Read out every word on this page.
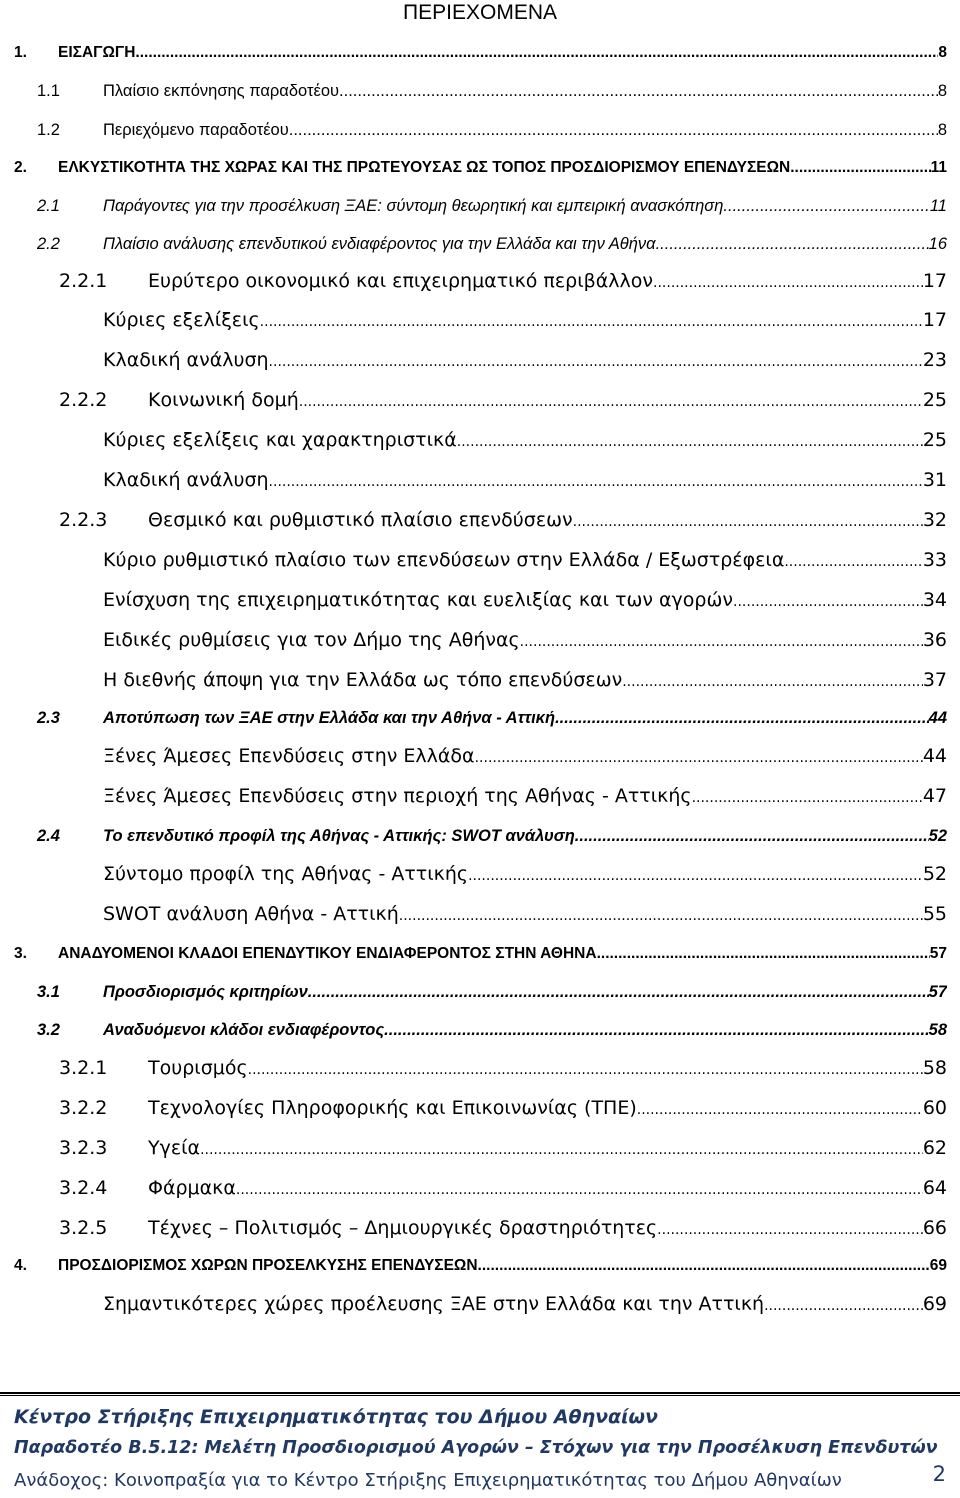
ΠΕΡΙΕΧΟΜΕΝΑ
1. ΕΙΣΑΓΩΓΗ .....	8
1.1	Πλαίσιο εκπόνησης παραδοτέου .....	8
1.2	Περιεχόμενο παραδοτέου .....	8
2. ΕΛΚΥΣΤΙΚΟΤΗΤΑ ΤΗΣ ΧΩΡΑΣ ΚΑΙ ΤΗΣ ΠΡΩΤΕΥΟΥΣΑΣ ΩΣ ΤΟΠΟΣ ΠΡΟΣΔΙΟΡΙΣΜΟΥ ΕΠΕΝΔΥΣΕΩΝ .....	11
2.1	Παράγοντες για την προσέλκυση ΞΑΕ: σύντομη θεωρητική και εμπειρική ανασκόπηση .....	11
2.2	Πλαίσιο ανάλυσης επενδυτικού ενδιαφέροντος για την Ελλάδα και την Αθήνα .....	16
2.2.1 Ευρύτερο οικονομικό και επιχειρηματικό περιβάλλον .....	17
Κύριες εξελίξεις .....	17
Κλαδική ανάλυση .....	23
2.2.2 Κοινωνική δομή .....	25
Κύριες εξελίξεις και χαρακτηριστικά .....	25
Κλαδική ανάλυση .....	31
2.2.3 Θεσμικό και ρυθμιστικό πλαίσιο επενδύσεων .....	32
Κύριο ρυθμιστικό πλαίσιο των επενδύσεων στην Ελλάδα / Εξωστρέφεια .....	33
Ενίσχυση της επιχειρηματικότητας και ευελιξίας και των αγορών .....	34
Ειδικές ρυθμίσεις για τον Δήμο της Αθήνας .....	36
Η διεθνής άποψη για την Ελλάδα ως τόπο επενδύσεων .....	37
2.3	Αποτύπωση των ΞΑΕ στην Ελλάδα και την Αθήνα - Αττική .....	44
Ξένες Άμεσες Επενδύσεις στην Ελλάδα .....	44
Ξένες Άμεσες Επενδύσεις στην περιοχή της Αθήνας - Αττικής .....	47
2.4	Το επενδυτικό προφίλ της Αθήνας - Αττικής: SWOT ανάλυση .....	52
Σύντομο προφίλ της Αθήνας - Αττικής .....	52
SWOT ανάλυση Αθήνα - Αττική .....	55
3. ΑΝΑΔΥΟΜΕΝΟΙ ΚΛΑΔΟΙ ΕΠΕΝΔΥΤΙΚΟΥ ΕΝΔΙΑΦΕΡΟΝΤΟΣ ΣΤΗΝ ΑΘΗΝΑ .....	57
3.1	Προσδιορισμός κριτηρίων .....	57
3.2	Αναδυόμενοι κλάδοι ενδιαφέροντος .....	58
3.2.1 Τουρισμός .....	58
3.2.2 Τεχνολογίες Πληροφορικής και Επικοινωνίας (ΤΠΕ) .....	60
3.2.3 Υγεία .....	62
3.2.4 Φάρμακα .....	64
3.2.5 Τέχνες – Πολιτισμός – Δημιουργικές δραστηριότητες .....	66
4. ΠΡΟΣΔΙΟΡΙΣΜΟΣ ΧΩΡΩΝ ΠΡΟΣΕΛΚΥΣΗΣ ΕΠΕΝΔΥΣΕΩΝ .....	69
Σημαντικότερες χώρες προέλευσης ΞΑΕ στην Ελλάδα και την Αττική .....	69
Κέντρο Στήριξης Επιχειρηματικότητας του Δήμου Αθηναίων
Παραδοτέο Β.5.12: Μελέτη Προσδιορισμού Αγορών – Στόχων για την Προσέλκυση Επενδυτών
Ανάδοχος: Κοινοπραξία για το Κέντρο Στήριξης Επιχειρηματικότητας του Δήμου Αθηναίων	2
